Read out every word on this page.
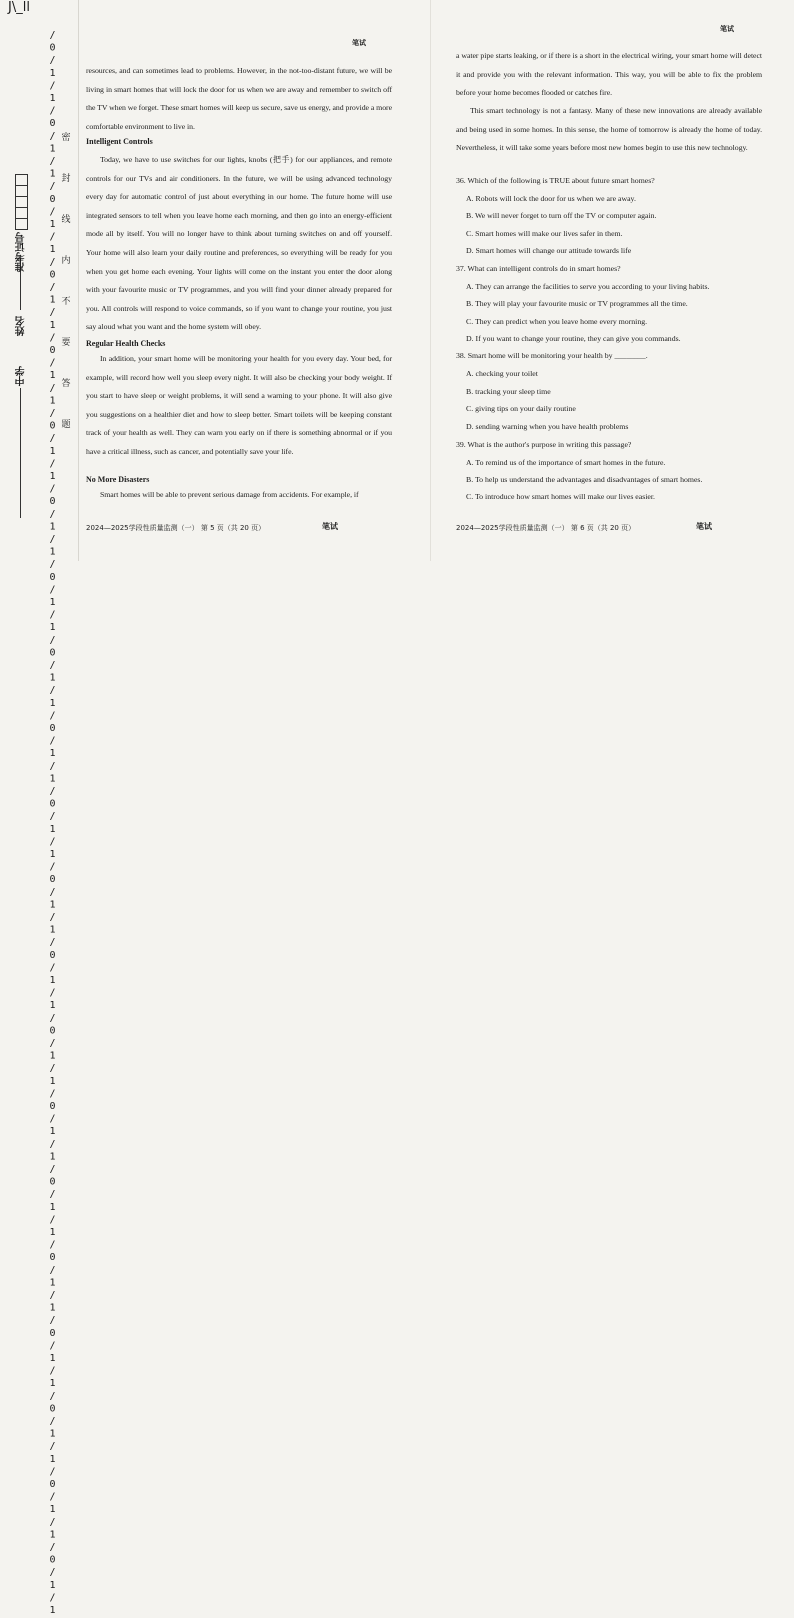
J\_ll
/0/1/1/0/1/1/0/1/1/0/1/1/0/1/1/0/1/1/0/1/1/0/1/1/0/1/1/0/1/1/0/1/1/0/1/1/0/1/1/0/1/1/0/1/1/0/1/1/0/1/1/0/1/1/0/1/1/0/1/1/0/1/1 密
封
线
内
不
要
答
题
中学
姓名
准考证号
笔试

resources, and can sometimes lead to problems. However, in the not-too-distant future, we will be living in smart homes that will lock the door for us when we are away and remember to switch off the TV when we forget. These smart homes will keep us secure, save us energy, and provide a more comfortable environment to live in.

Intelligent Controls

Today, we have to use switches for our lights, knobs (把手) for our appliances, and remote controls for our TVs and air conditioners. In the future, we will be using advanced technology every day for automatic control of just about everything in our home. The future home will use integrated sensors to tell when you leave home each morning, and then go into an energy-efficient mode all by itself. You will no longer have to think about turning switches on and off yourself. Your home will also learn your daily routine and preferences, so everything will be ready for you when you get home each evening. Your lights will come on the instant you enter the door along with your favourite music or TV programmes, and you will find your dinner already prepared for you. All controls will respond to voice commands, so if you want to change your routine, you just say aloud what you want and the home system will obey.

Regular Health Checks

In addition, your smart home will be monitoring your health for you every day. Your bed, for example, will record how well you sleep every night. It will also be checking your body weight. If you start to have sleep or weight problems, it will send a warning to your phone. It will also give you suggestions on a healthier diet and how to sleep better. Smart toilets will be keeping constant track of your health as well. They can warn you early on if there is something abnormal or if you have a critical illness, such as cancer, and potentially save your life.

No More Disasters

Smart homes will be able to prevent serious damage from accidents. For example, if

2024—2025学段性质量监测（一） 第 5 页（共 20 页）	笔试
笔试

a water pipe starts leaking, or if there is a short in the electrical wiring, your smart home will detect it and provide you with the relevant information. This way, you will be able to fix the problem before your home becomes flooded or catches fire.

This smart technology is not a fantasy. Many of these new innovations are already available and being used in some homes. In this sense, the home of tomorrow is already the home of today. Nevertheless, it will take some years before most new homes begin to use this new technology.

36. Which of the following is TRUE about future smart homes?
A. Robots will lock the door for us when we are away.
B. We will never forget to turn off the TV or computer again.
C. Smart homes will make our lives safer in them.
D. Smart homes will change our attitude towards life
37. What can intelligent controls do in smart homes?
A. They can arrange the facilities to serve you according to your living habits.
B. They will play your favourite music or TV programmes all the time.
C. They can predict when you leave home every morning.
D. If you want to change your routine, they can give you commands.
38. Smart home will be monitoring your health by ________.
A. checking your toilet
B. tracking your sleep time
C. giving tips on your daily routine
D. sending warning when you have health problems
39. What is the author's purpose in writing this passage?
A. To remind us of the importance of smart homes in the future.
B. To help us understand the advantages and disadvantages of smart homes.
C. To introduce how smart homes will make our lives easier.
2024—2025学段性质量监测（一） 第 6 页（共 20 页）	笔试
